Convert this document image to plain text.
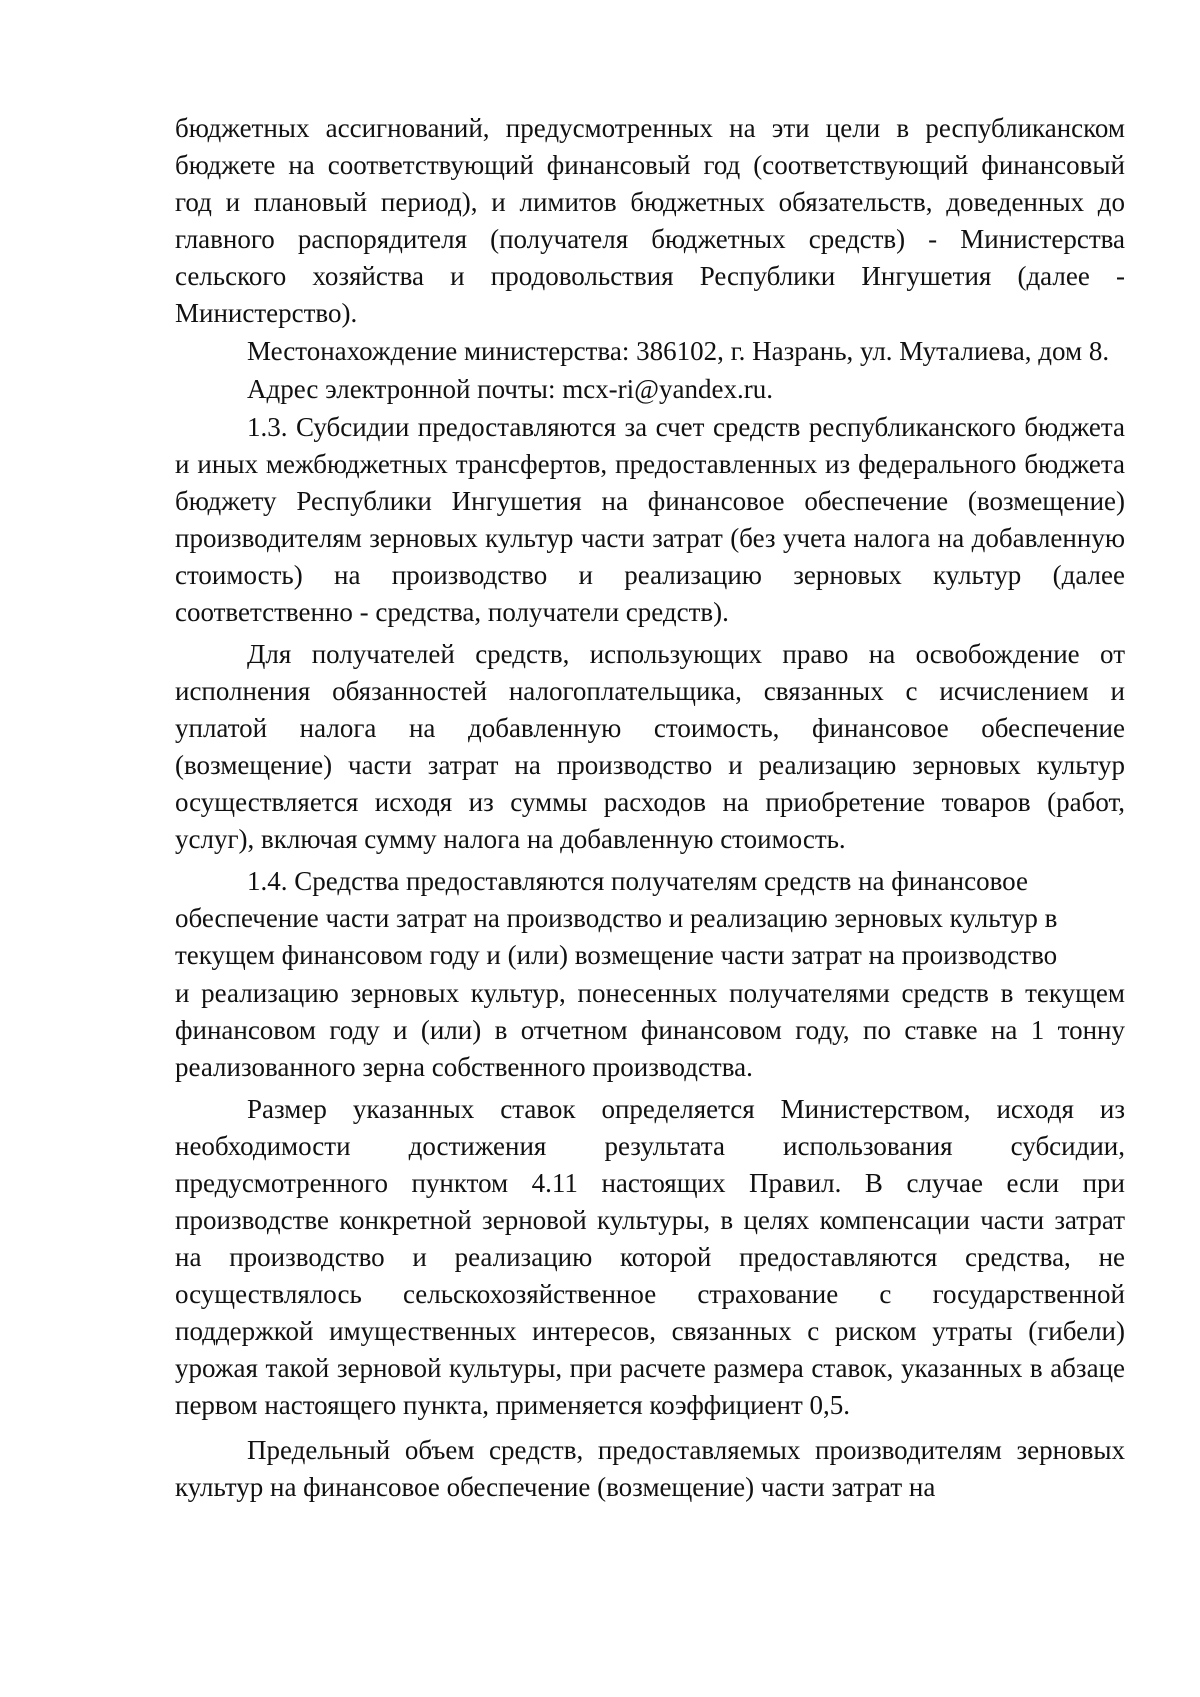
бюджетных ассигнований, предусмотренных на эти цели в республиканском бюджете на соответствующий финансовый год (соответствующий финансовый год и плановый период), и лимитов бюджетных обязательств, доведенных до главного распорядителя (получателя бюджетных средств) - Министерства сельского хозяйства и продовольствия Республики Ингушетия (далее - Министерство).

Местонахождение министерства: 386102, г. Назрань, ул. Муталиева, дом 8.

Адрес электронной почты: mcx-ri@yandex.ru.

1.3. Субсидии предоставляются за счет средств республиканского бюджета и иных межбюджетных трансфертов, предоставленных из федерального бюджета бюджету Республики Ингушетия на финансовое обеспечение (возмещение) производителям зерновых культур части затрат (без учета налога на добавленную стоимость) на производство и реализацию зерновых культур (далее соответственно - средства, получатели средств).

Для получателей средств, использующих право на освобождение от исполнения обязанностей налогоплательщика, связанных с исчислением и уплатой налога на добавленную стоимость, финансовое обеспечение (возмещение) части затрат на производство и реализацию зерновых культур осуществляется исходя из суммы расходов на приобретение товаров (работ, услуг), включая сумму налога на добавленную стоимость.

1.4. Средства предоставляются получателям средств на финансовое обеспечение части затрат на производство и реализацию зерновых культур в текущем финансовом году и (или) возмещение части затрат на производство

и реализацию зерновых культур, понесенных получателями средств в текущем финансовом году и (или) в отчетном финансовом году, по ставке на 1 тонну реализованного зерна собственного производства.

Размер указанных ставок определяется Министерством, исходя из необходимости достижения результата использования субсидии, предусмотренного пунктом 4.11 настоящих Правил. В случае если при производстве конкретной зерновой культуры, в целях компенсации части затрат на производство и реализацию которой предоставляются средства, не осуществлялось сельскохозяйственное страхование с государственной поддержкой имущественных интересов, связанных с риском утраты (гибели) урожая такой зерновой культуры, при расчете размера ставок, указанных в абзаце первом настоящего пункта, применяется коэффициент 0,5.

Предельный объем средств, предоставляемых производителям зерновых культур на финансовое обеспечение (возмещение) части затрат на
